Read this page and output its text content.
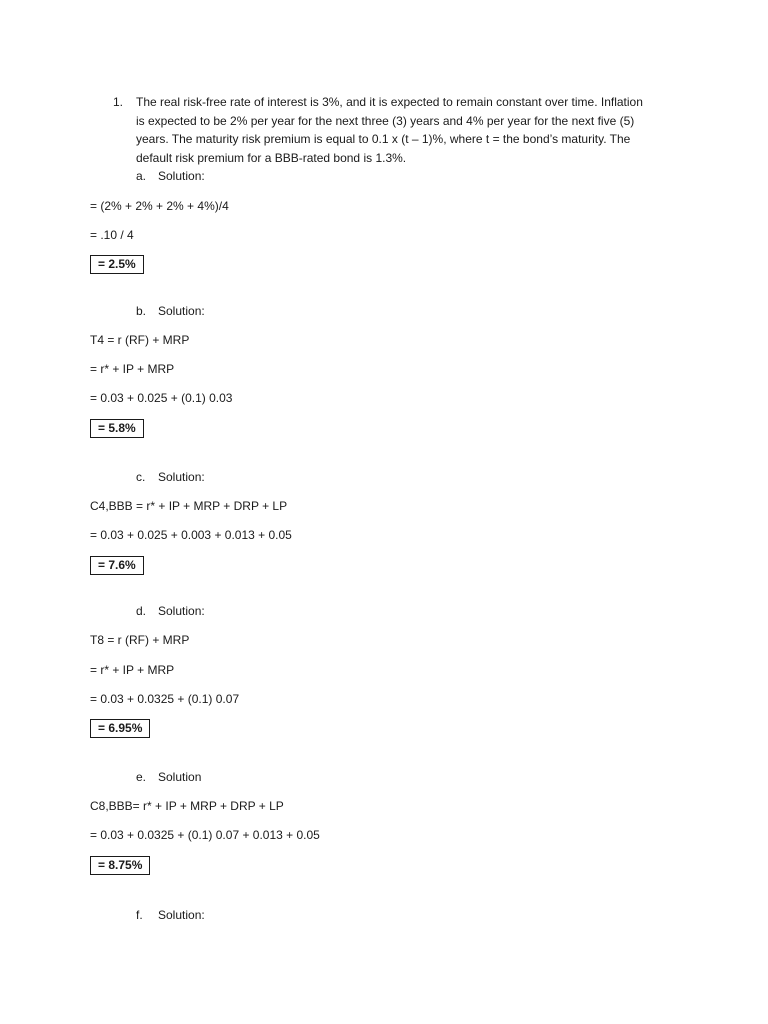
1. The real risk-free rate of interest is 3%, and it is expected to remain constant over time. Inflation
is expected to be 2% per year for the next three (3) years and 4% per year for the next five (5)
years. The maturity risk premium is equal to 0.1 x (t – 1)%, where t = the bond’s maturity. The
default risk premium for a BBB-rated bond is 1.3%.
a. Solution:
= (2% + 2% + 2% + 4%)/4
= .10 / 4
= 2.5%
b. Solution:
T4 = r (RF) + MRP
= r* + IP + MRP
= 0.03 + 0.025 + (0.1) 0.03
= 5.8%
c. Solution:
C4,BBB = r* + IP + MRP + DRP + LP
= 0.03 + 0.025 + 0.003 + 0.013 + 0.05
= 7.6%
d. Solution:
T8 = r (RF) + MRP
= r* + IP + MRP
= 0.03 + 0.0325 + (0.1) 0.07
= 6.95%
e. Solution
C8,BBB= r* + IP + MRP + DRP + LP
= 0.03 + 0.0325 + (0.1) 0.07 + 0.013 + 0.05
= 8.75%
f. Solution:
